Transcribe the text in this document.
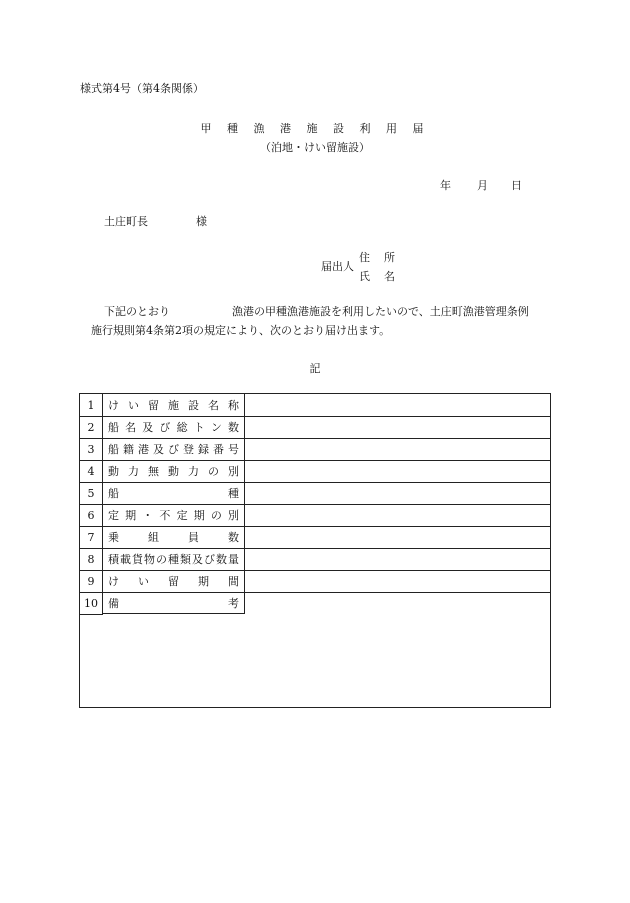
様式第4号（第4条関係）
甲 種 漁 港 施 設 利 用 届
（泊地・けい留施設）
年 月 日
土庄町長	様
届出人
住 所
氏 名
下記のとおり	漁港の甲種漁港施設を利用したいので、土庄町漁港管理条例
施行規則第4条第2項の規定により、次のとおり届け出ます。
記
1	け い 留 施 設 名 称
2	船 名 及 び 総 ト ン 数
3	船 籍 港 及 び 登 録 番 号
4	動 力 無 動 力 の 別
5	船	種
6	定 期 ・ 不 定 期 の 別
7	乗	組	員	数
8	積 載 貨 物 の 種 類 及 び 数 量
9	け い 留 期 間
10 備	考
